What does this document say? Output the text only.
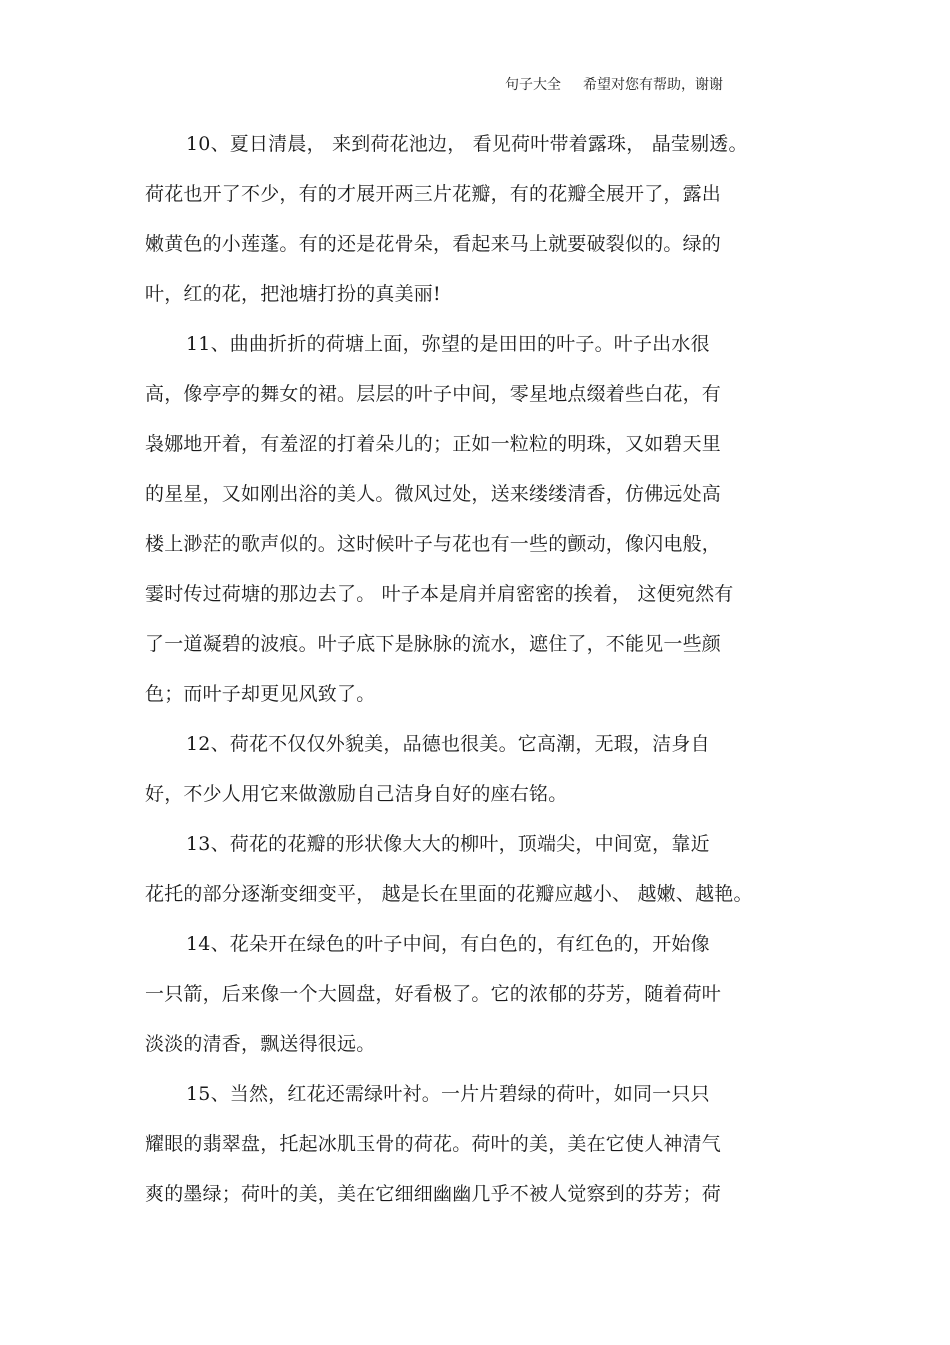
句子大全 希望对您有帮助，谢谢
10、夏日清晨， 来到荷花池边， 看见荷叶带着露珠， 晶莹剔透。
荷花也开了不少，有的才展开两三片花瓣，有的花瓣全展开了，露出
嫩黄色的小莲蓬。有的还是花骨朵，看起来马上就要破裂似的。绿的
叶，红的花，把池塘打扮的真美丽!
11、曲曲折折的荷塘上面，弥望的是田田的叶子。叶子出水很
高，像亭亭的舞女的裙。层层的叶子中间，零星地点缀着些白花，有
袅娜地开着，有羞涩的打着朵儿的；正如一粒粒的明珠，又如碧天里
的星星，又如刚出浴的美人。微风过处，送来缕缕清香，仿佛远处高
楼上渺茫的歌声似的。这时候叶子与花也有一些的颤动，像闪电般，
霎时传过荷塘的那边去了。 叶子本是肩并肩密密的挨着， 这便宛然有
了一道凝碧的波痕。叶子底下是脉脉的流水，遮住了，不能见一些颜
色；而叶子却更见风致了。
12、荷花不仅仅外貌美，品德也很美。它高潮，无瑕，洁身自
好，不少人用它来做激励自己洁身自好的座右铭。
13、荷花的花瓣的形状像大大的柳叶，顶端尖，中间宽，靠近
花托的部分逐渐变细变平， 越是长在里面的花瓣应越小、 越嫩、越艳。
14、花朵开在绿色的叶子中间，有白色的，有红色的，开始像
一只箭，后来像一个大圆盘，好看极了。它的浓郁的芬芳，随着荷叶
淡淡的清香，飘送得很远。
15、当然，红花还需绿叶衬。一片片碧绿的荷叶，如同一只只
耀眼的翡翠盘，托起冰肌玉骨的荷花。荷叶的美，美在它使人神清气
爽的墨绿；荷叶的美，美在它细细幽幽几乎不被人觉察到的芬芳；荷
